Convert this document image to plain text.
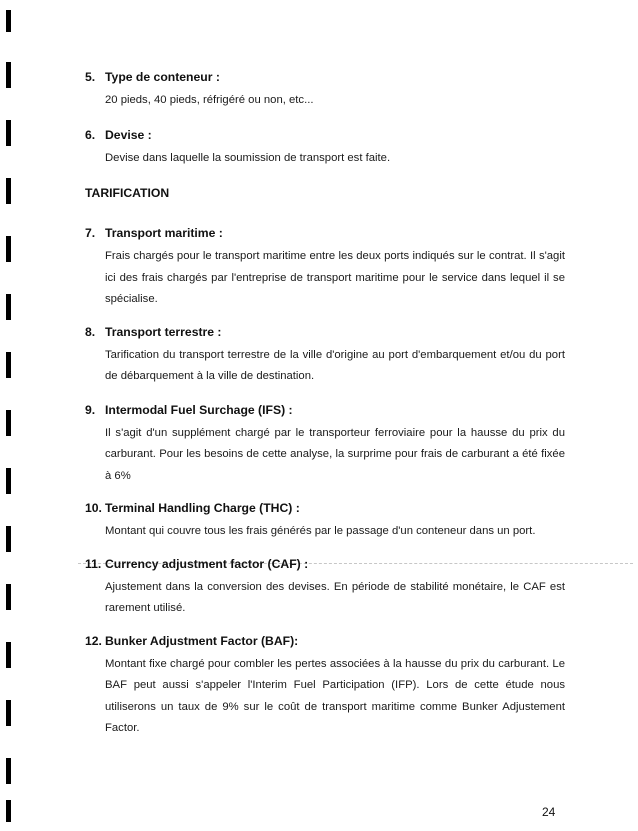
5. Type de conteneur :

20 pieds, 40 pieds, réfrigéré ou non, etc...

6. Devise :

Devise dans laquelle la soumission de transport est faite.

TARIFICATION

7. Transport maritime :

Frais chargés pour le transport maritime entre les deux ports indiqués sur le contrat. Il s'agit ici des frais chargés par l'entreprise de transport maritime pour le service dans lequel il se spécialise.

8. Transport terrestre :

Tarification du transport terrestre de la ville d'origine au port d'embarquement et/ou du port de débarquement à la ville de destination.

9. Intermodal Fuel Surchage (IFS) :

Il s'agit d'un supplément chargé par le transporteur ferroviaire pour la hausse du prix du carburant. Pour les besoins de cette analyse, la surprime pour frais de carburant a été fixée à 6%

10. Terminal Handling Charge (THC) :

Montant qui couvre tous les frais générés par le passage d'un conteneur dans un port.

11. Currency adjustment factor (CAF) :

Ajustement dans la conversion des devises. En période de stabilité monétaire, le CAF est rarement utilisé.

12. Bunker Adjustment Factor (BAF):

Montant fixe chargé pour combler les pertes associées à la hausse du prix du carburant. Le BAF peut aussi s'appeler l'Interim Fuel Participation (IFP). Lors de cette étude nous utiliserons un taux de 9% sur le coût de transport maritime comme Bunker Adjustement Factor.

24
